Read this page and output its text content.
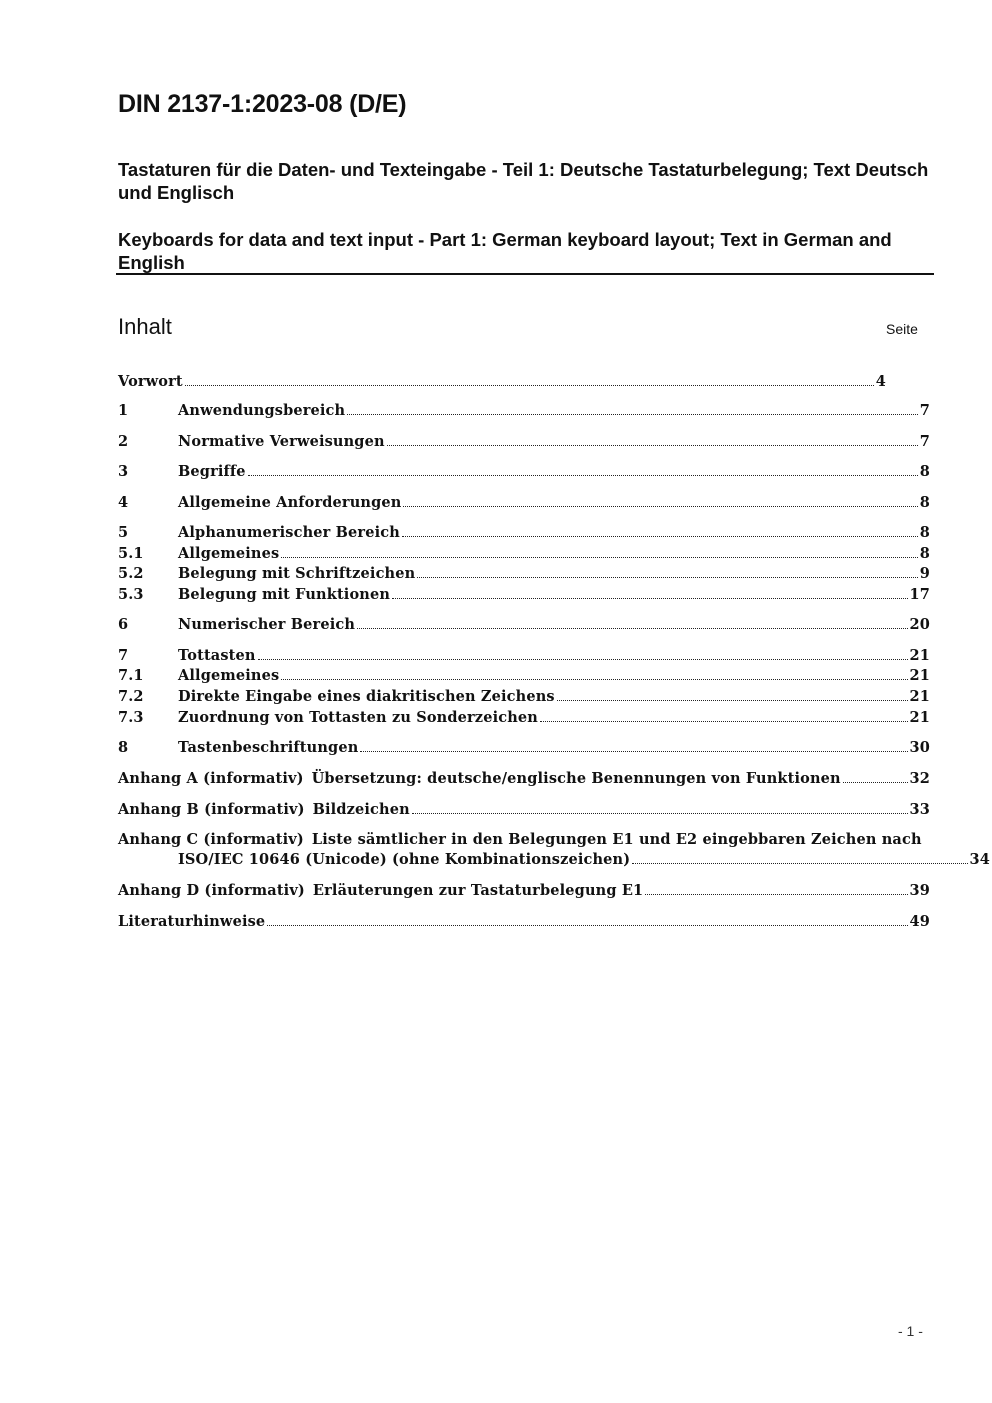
DIN 2137-1:2023-08 (D/E)
Tastaturen für die Daten- und Texteingabe - Teil 1: Deutsche Tastaturbelegung; Text Deutsch und Englisch
Keyboards for data and text input - Part 1: German keyboard layout; Text in German and English
Inhalt	Seite
Vorwort	4
1	Anwendungsbereich	7
2	Normative Verweisungen	7
3	Begriffe	8
4	Allgemeine Anforderungen	8
5	Alphanumerischer Bereich	8
5.1	Allgemeines	8
5.2	Belegung mit Schriftzeichen	9
5.3	Belegung mit Funktionen	17
6	Numerischer Bereich	20
7	Tottasten	21
7.1	Allgemeines	21
7.2	Direkte Eingabe eines diakritischen Zeichens	21
7.3	Zuordnung von Tottasten zu Sonderzeichen	21
8	Tastenbeschriftungen	30
Anhang A (informativ) Übersetzung: deutsche/englische Benennungen von Funktionen	32
Anhang B (informativ) Bildzeichen	33
Anhang C (informativ) Liste sämtlicher in den Belegungen E1 und E2 eingebbaren Zeichen nach
ISO/IEC 10646 (Unicode) (ohne Kombinationszeichen)	34
Anhang D (informativ) Erläuterungen zur Tastaturbelegung E1	39
Literaturhinweise	49
- 1 -
